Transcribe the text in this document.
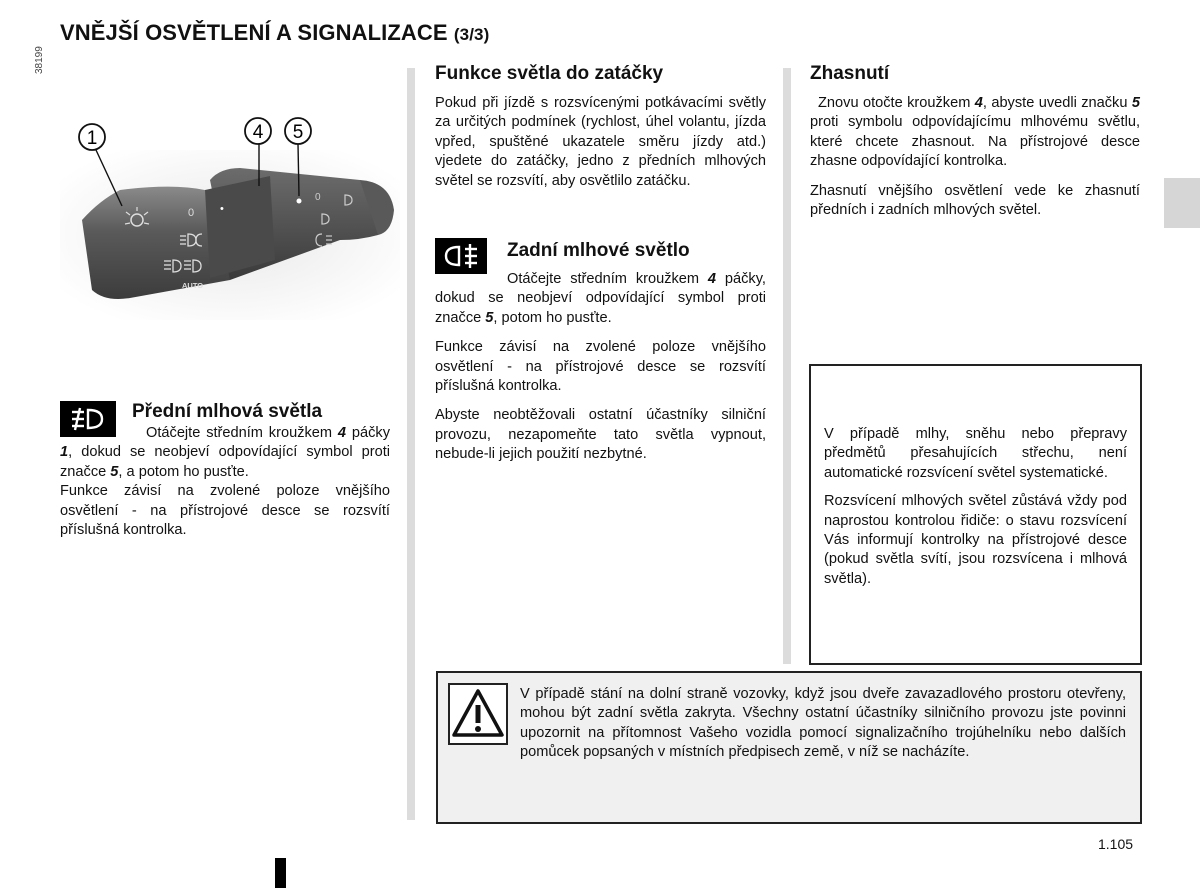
VNĚJŠÍ OSVĚTLENÍ A SIGNALIZACE (3/3)
38199
0 •
AUTO
0
1	4 5
Přední mlhová světla

Otáčejte středním kroužkem 4 páčky 1, dokud se neobjeví odpovídající symbol proti značce 5, a potom ho pusťte.

Funkce závisí na zvolené poloze vnějšího osvětlení - na přístrojové desce se rozsvítí příslušná kontrolka.

Funkce světla do zatáčky
Pokud při jízdě s rozsvícenými potkávacími světly za určitých podmínek (rychlost, úhel volantu, jízda vpřed, spuštěné ukazatele směru jízdy atd.) vjedete do zatáčky, jedno z předních mlhových světel se rozsvítí, aby osvětlilo zatáčku.
Zadní mlhové světlo

Otáčejte středním kroužkem 4 páčky, dokud se neobjeví odpovídající symbol proti značce 5, potom ho pusťte.

Funkce závisí na zvolené poloze vnějšího osvětlení - na přístrojové desce se rozsvítí příslušná kontrolka.

Abyste neobtěžovali ostatní účastníky silniční provozu, nezapomeňte tato světla vypnout, nebude-li jejich použití nezbytné.

Zhasnutí

Znovu otočte kroužkem 4, abyste uvedli značku 5 proti symbolu odpovídajícímu mlhovému světlu, které chcete zhasnout. Na přístrojové desce zhasne odpovídající kontrolka.

Zhasnutí vnějšího osvětlení vede ke zhasnutí předních i zadních mlhových světel.

V případě mlhy, sněhu nebo přepravy předmětů přesahujících střechu, není automatické rozsvícení světel systematické.

Rozsvícení mlhových světel zůstává vždy pod naprostou kontrolou řidiče: o stavu rozsvícení Vás informují kontrolky na přístrojové desce (pokud světla svítí, jsou rozsvícena i mlhová světla).

V případě stání na dolní straně vozovky, když jsou dveře zavazadlového prostoru otevřeny, mohou být zadní světla zakryta. Všechny ostatní účastníky silničního provozu jste povinni upozornit na přítomnost Vašeho vozidla pomocí signalizačního trojúhelníku nebo dalších pomůcek popsaných v místních předpisech země, v níž se nacházíte.
1.105
